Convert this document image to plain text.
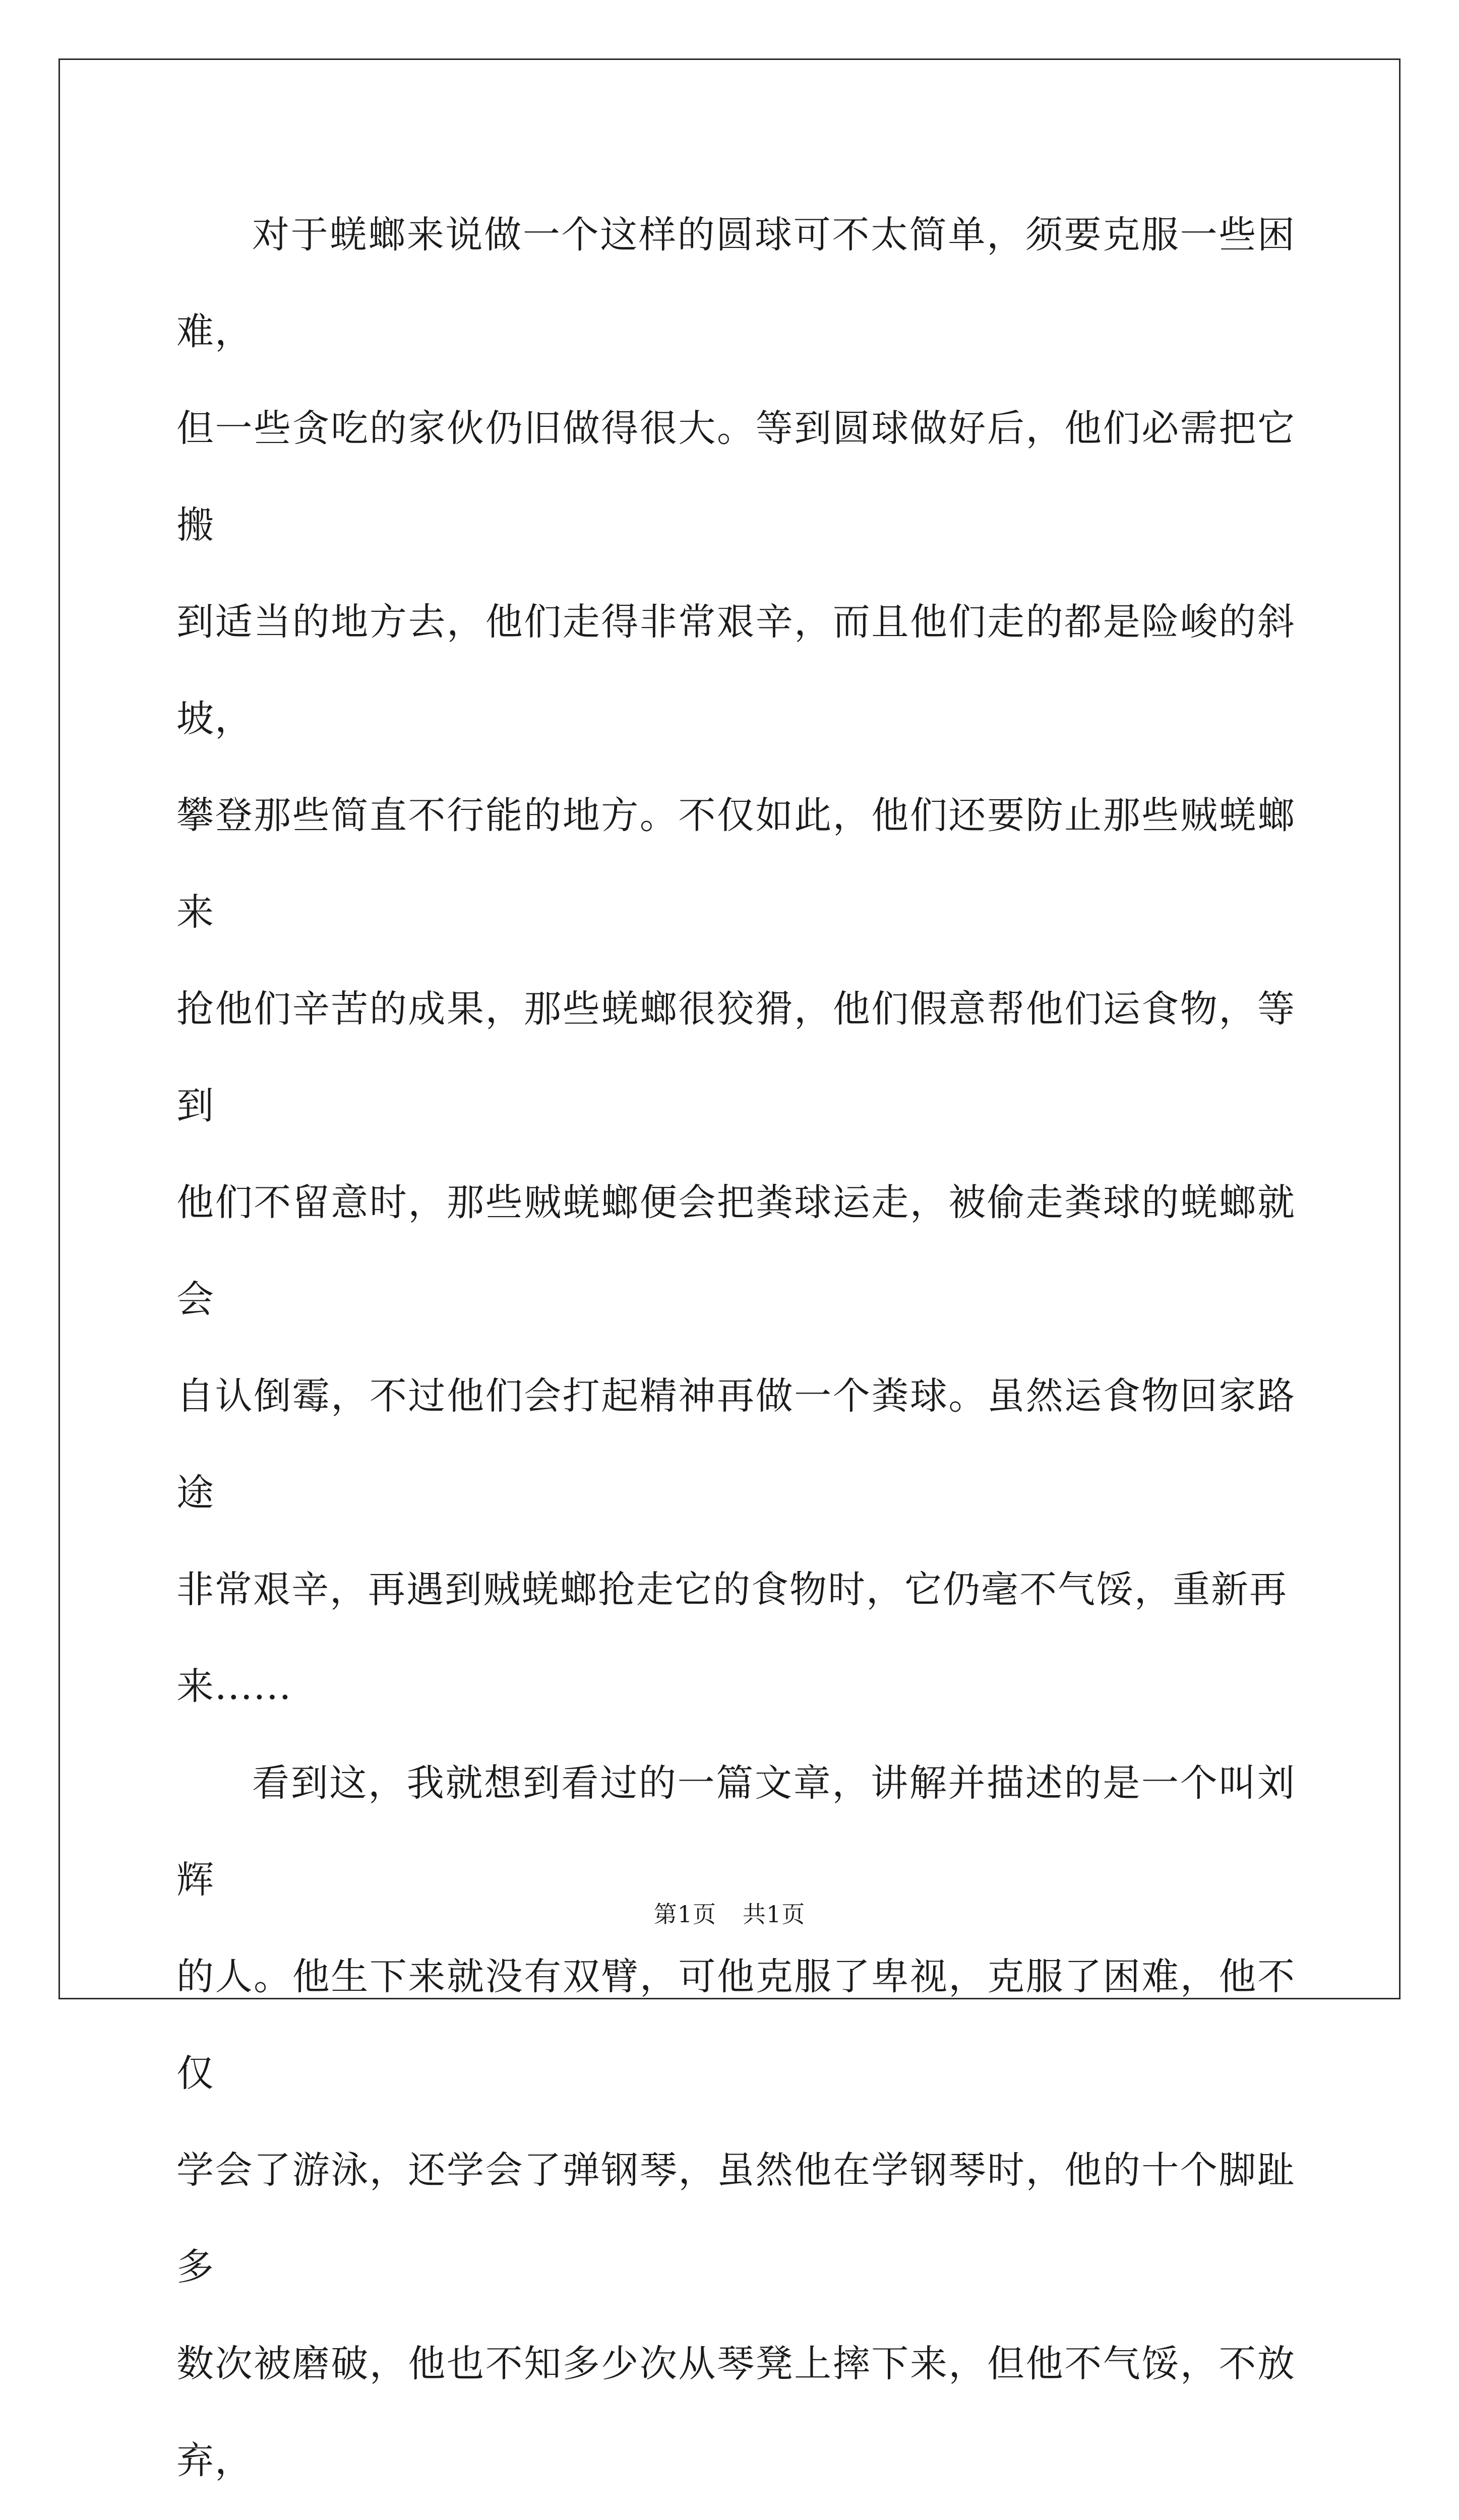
对于蜣螂来说做一个这样的圆球可不太简单，须要克服一些困难，

但一些贪吃的家伙仍旧做得很大。等到圆球做好后，他们必需把它搬

到适当的地方去，他们走得非常艰辛，而且他们走的都是险峻的斜坡，

攀登那些简直不行能的地方。不仅如此，他们还要防止那些贼蜣螂来

抢他们辛苦的成果，那些蜣螂很狡猾，他们假意帮他们运食物，等到

他们不留意时，那些贼蜣螂便会把粪球运走，被偷走粪球的蜣螂就会

自认倒霉，不过他们会打起精神再做一个粪球。虽然运食物回家路途

非常艰辛，再遇到贼蜣螂抢走它的食物时，它仍毫不气馁，重新再

来......

看到这，我就想到看过的一篇文章，讲解并描述的是一个叫刘辉

的人。他生下来就没有双臂，可他克服了卑视，克服了困难，他不仅

学会了游泳，还学会了弹钢琴，虽然他在学钢琴时，他的十个脚趾多

数次被磨破，他也不知多少次从琴凳上摔下来，但他不气馁，不放弃，

第1页 共1页
